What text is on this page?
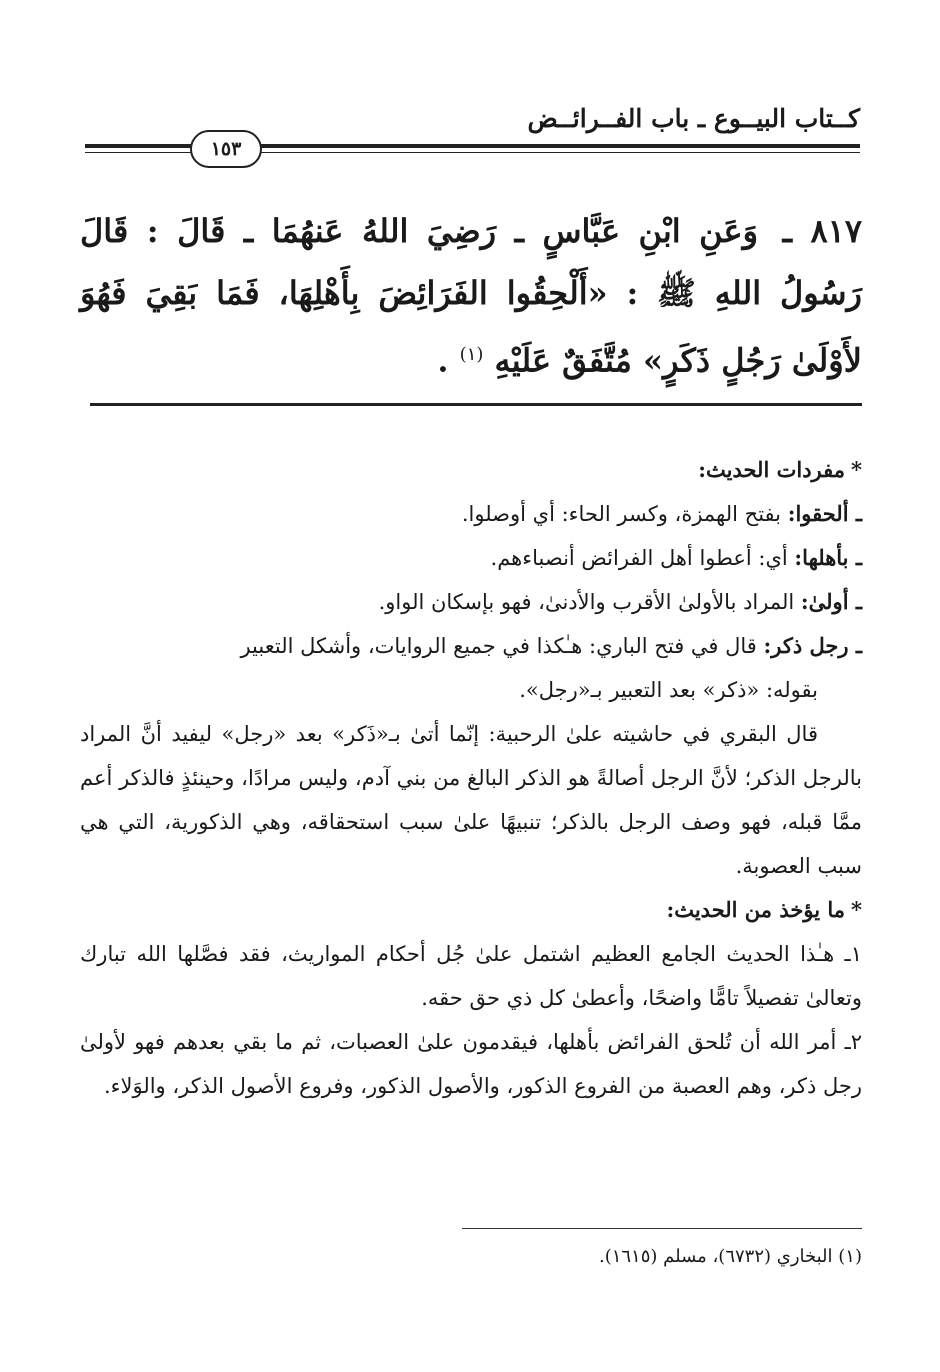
كــتاب البيــوع ـ باب الفــرائــض
١٥٣
٨١٧ ـ وَعَنِ ابْنِ عَبَّاسٍ ـ رَضِيَ اللهُ عَنهُمَا ـ قَالَ : قَالَ رَسُولُ اللهِ ﷺ : «أَلْحِقُوا الفَرَائِضَ بِأَهْلِهَا، فَمَا بَقِيَ فَهُوَ لأَوْلَىٰ رَجُلٍ ذَكَرٍ» مُتَّفَقٌ عَلَيْهِ $^{(١)}$ .

*مفردات الحديث:

ـ ألحقوا: بفتح الهمزة، وكسر الحاء: أي أوصلوا.

ـ بأهلها: أي: أعطوا أهل الفرائض أنصباءهم.

ـ أولىٰ: المراد بالأولىٰ الأقرب والأدنىٰ، فهو بإسكان الواو.

ـ رجل ذكر: قال في فتح الباري: هـٰكذا في جميع الروايات، وأشكل التعبير

بقوله: «ذكر» بعد التعبير بـ«رجل».

قال البقري في حاشيته علىٰ الرحبية: إنّما أتىٰ بـ«ذَكر» بعد «رجل» ليفيد أنَّ المراد بالرجل الذكر؛ لأنَّ الرجل أصالةً هو الذكر البالغ من بني آدم، وليس مرادًا، وحينئذٍ فالذكر أعم ممَّا قبله، فهو وصف الرجل بالذكر؛ تنبيهًا علىٰ سبب استحقاقه، وهي الذكورية، التي هي سبب العصوبة.

*ما يؤخذ من الحديث:

١ـ هـٰذا الحديث الجامع العظيم اشتمل علىٰ جُل أحكام المواريث، فقد فصَّلها الله تبارك وتعالىٰ تفصيلاً تامًّا واضحًا، وأعطىٰ كل ذي حق حقه.

٢ـ أمر الله أن تُلحق الفرائض بأهلها، فيقدمون علىٰ العصبات، ثم ما بقي بعدهم فهو لأولىٰ رجل ذكر، وهم العصبة من الفروع الذكور، والأصول الذكور، وفروع الأصول الذكر، والوَلاء.

(١) البخاري (٦٧٣٢)، مسلم (١٦١٥).
